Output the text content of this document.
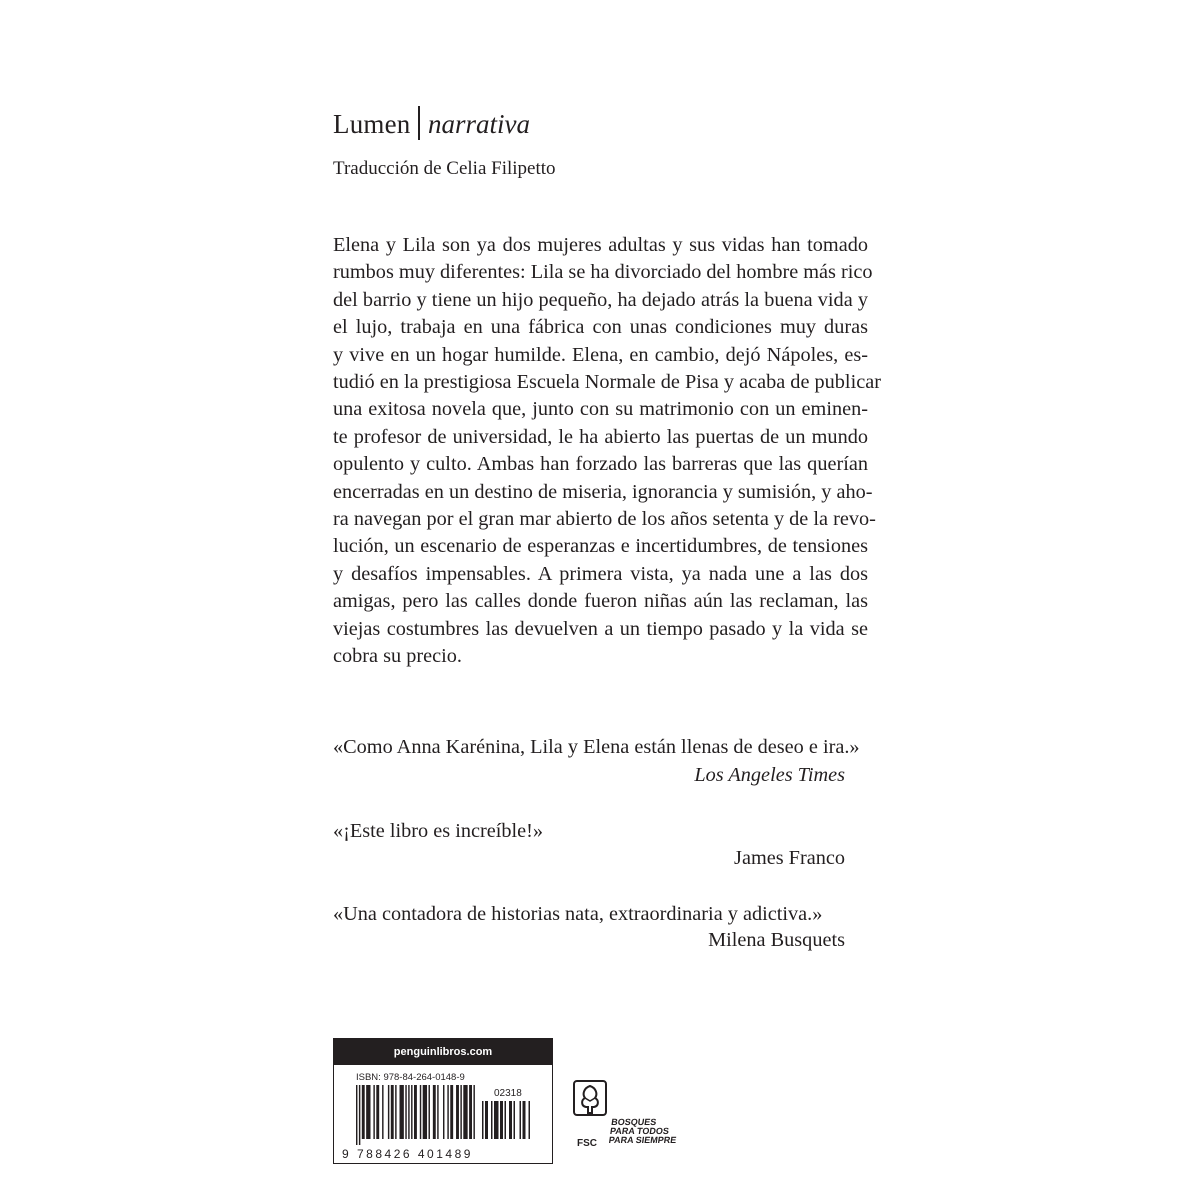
Lumen narrativa
Traducción de Celia Filipetto
Elena y Lila son ya dos mujeres adultas y sus vidas han tomado
rumbos muy diferentes: Lila se ha divorciado del hombre más rico
del barrio y tiene un hijo pequeño, ha dejado atrás la buena vida y
el lujo, trabaja en una fábrica con unas condiciones muy duras
y vive en un hogar humilde. Elena, en cambio, dejó Nápoles, es-
tudió en la prestigiosa Escuela Normale de Pisa y acaba de publicar
una exitosa novela que, junto con su matrimonio con un eminen-
te profesor de universidad, le ha abierto las puertas de un mundo
opulento y culto. Ambas han forzado las barreras que las querían
encerradas en un destino de miseria, ignorancia y sumisión, y aho-
ra navegan por el gran mar abierto de los años setenta y de la revo-
lución, un escenario de esperanzas e incertidumbres, de tensiones
y desafíos impensables. A primera vista, ya nada une a las dos
amigas, pero las calles donde fueron niñas aún las reclaman, las
viejas costumbres las devuelven a un tiempo pasado y la vida se
cobra su precio.
«Como Anna Karénina, Lila y Elena están llenas de deseo e ira.»
Los Angeles Times
«¡Este libro es increíble!»
James Franco
«Una contadora de historias nata, extraordinaria y adictiva.»
Milena Busquets
penguinlibros.com
ISBN: 978-84-264-0148-9
02318
9 788426 401489
BOSQUES
PARA TODOS
PARA SIEMPRE
FSC
